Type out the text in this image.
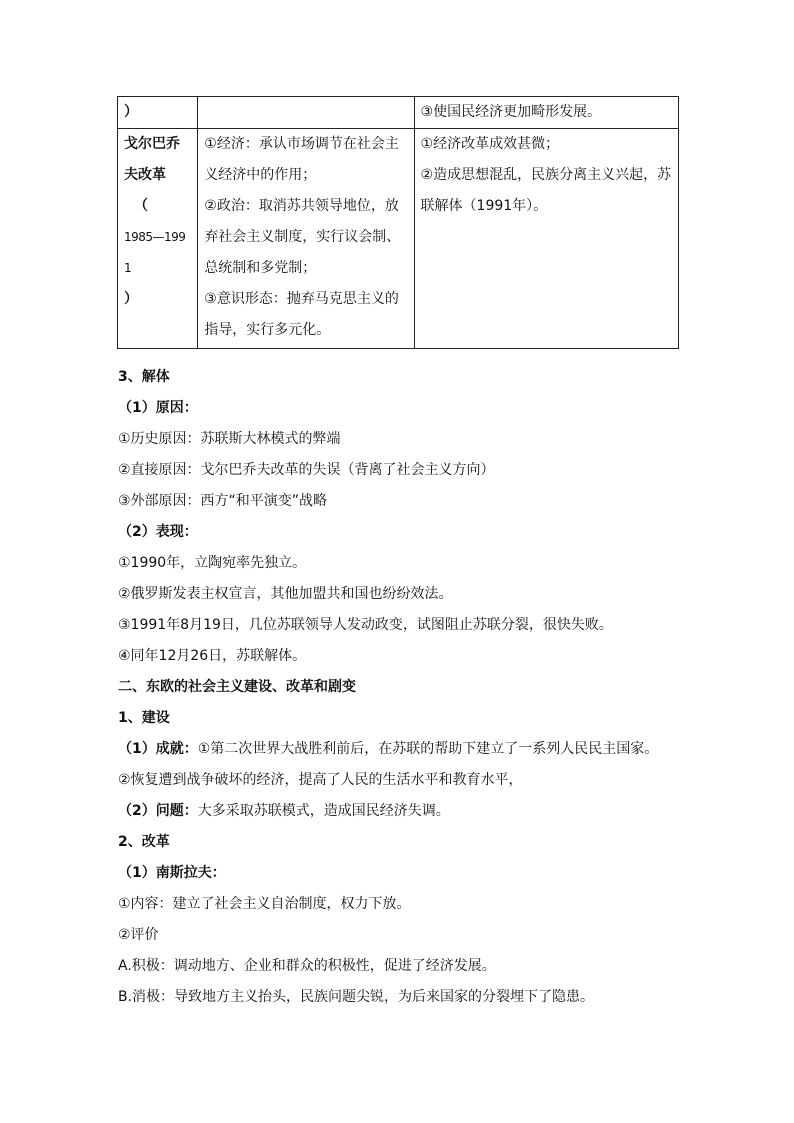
）		③使国民经济更加畸形发展。

戈尔巴乔夫改革
（
1985—1991
）	①经济：承认市场调节在社会主义经济中的作用；
②政治：取消苏共领导地位，放弃社会主义制度，实行议会制、总统制和多党制；
③意识形态：抛弃马克思主义的指导，实行多元化。	①经济改革成效甚微；
②造成思想混乱，民族分离主义兴起，苏联解体（1991年）。
3、解体
（1）原因：
①历史原因：苏联斯大林模式的弊端
②直接原因：戈尔巴乔夫改革的失误（背离了社会主义方向）
③外部原因：西方“和平演变”战略
（2）表现：
①1990年，立陶宛率先独立。
②俄罗斯发表主权宣言，其他加盟共和国也纷纷效法。
③1991年8月19日，几位苏联领导人发动政变，试图阻止苏联分裂，很快失败。
④同年12月26日，苏联解体。
二、东欧的社会主义建设、改革和剧变
1、建设
（1）成就：①第二次世界大战胜利前后，在苏联的帮助下建立了一系列人民民主国家。
②恢复遭到战争破坏的经济，提高了人民的生活水平和教育水平，
（2）问题：大多采取苏联模式，造成国民经济失调。
2、改革
（1）南斯拉夫：
①内容：建立了社会主义自治制度，权力下放。
②评价
A.积极：调动地方、企业和群众的积极性，促进了经济发展。
B.消极：导致地方主义抬头，民族问题尖锐，为后来国家的分裂埋下了隐患。
